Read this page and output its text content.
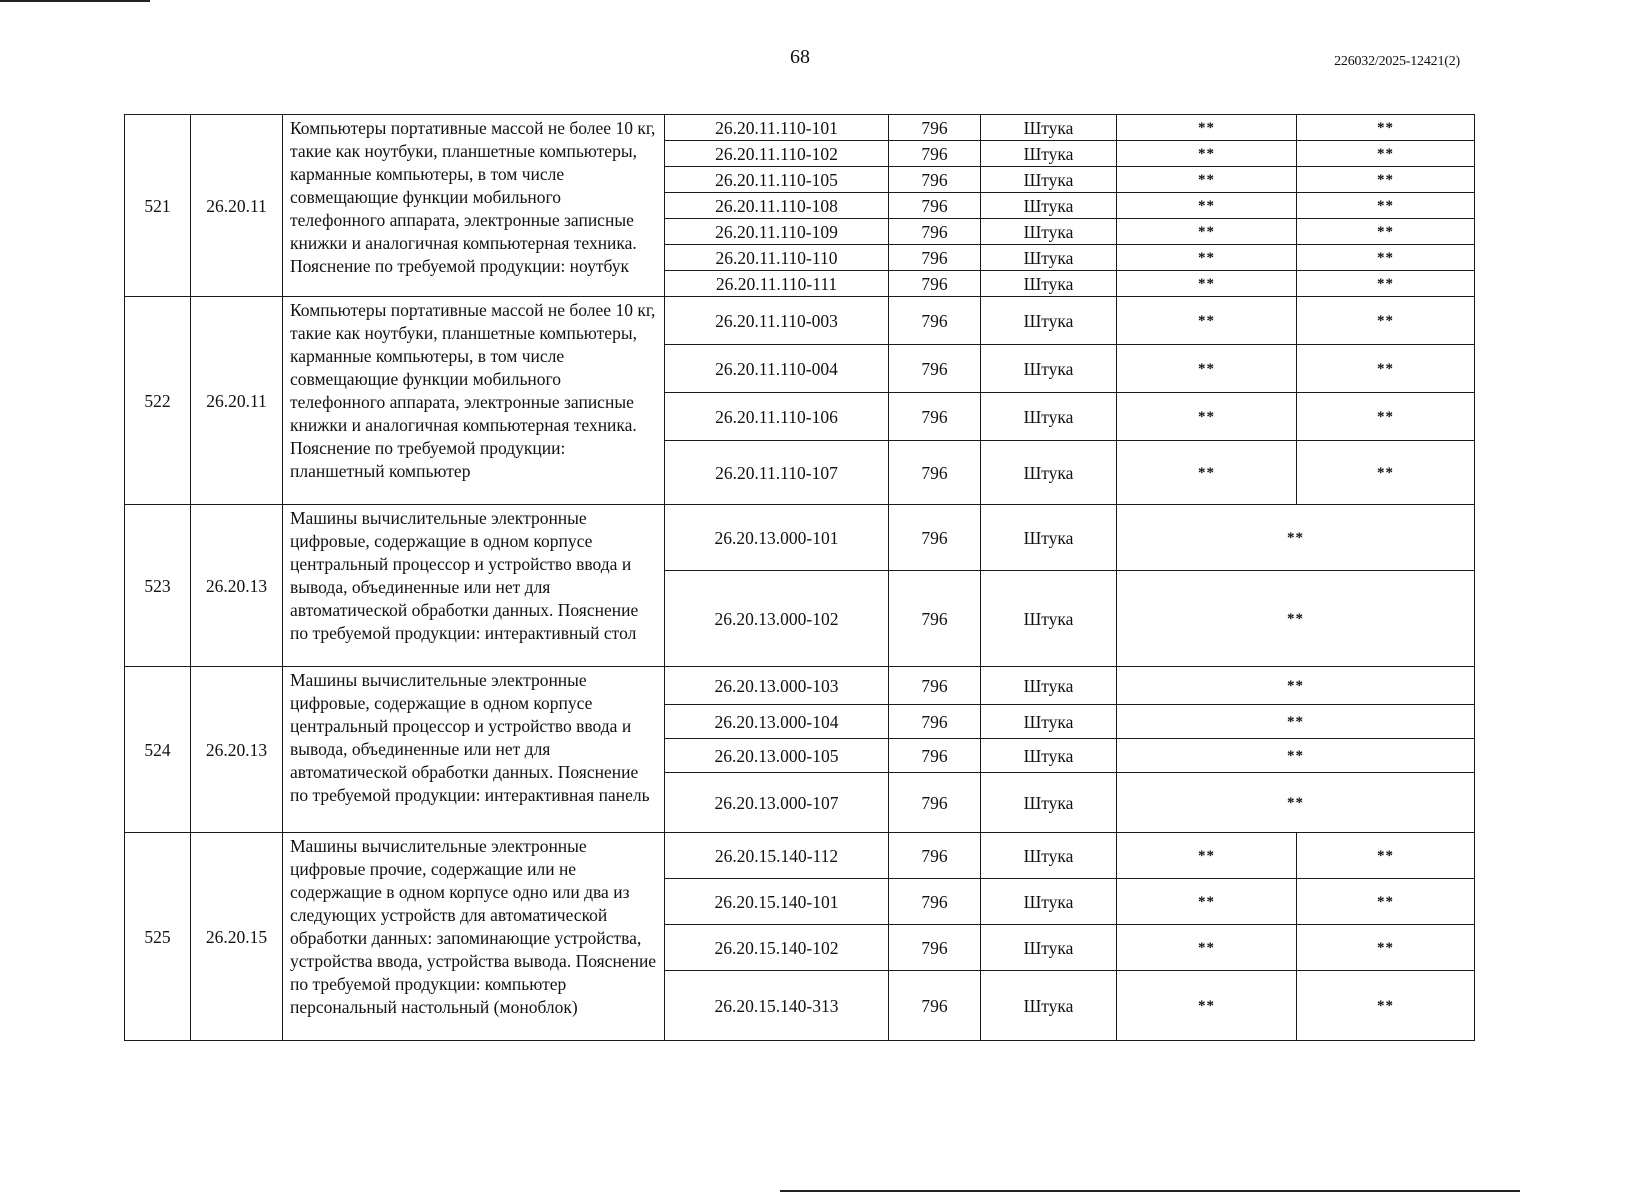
68	226032/2025-12421(2)
521	26.20.11	Компьютеры портативные массой не более 10 кг, такие как ноутбуки, планшетные компьютеры, карманные компьютеры, в том числе совмещающие функции мобильного телефонного аппарата, электронные записные книжки и аналогичная компьютерная техника. Пояснение по требуемой продукции: ноутбук	26.20.11.110-101	796	Штука	**	**
			26.20.11.110-102	796	Штука	**	**
			26.20.11.110-105	796	Штука	**	**
			26.20.11.110-108	796	Штука	**	**
			26.20.11.110-109	796	Штука	**	**
			26.20.11.110-110	796	Штука	**	**
			26.20.11.110-111	796	Штука	**	**
522	26.20.11	Компьютеры портативные массой не более 10 кг, такие как ноутбуки, планшетные компьютеры, карманные компьютеры, в том числе совмещающие функции мобильного телефонного аппарата, электронные записные книжки и аналогичная компьютерная техника. Пояснение по требуемой продукции: планшетный компьютер	26.20.11.110-003	796	Штука	**	**
			26.20.11.110-004	796	Штука	**	**
			26.20.11.110-106	796	Штука	**	**
			26.20.11.110-107	796	Штука	**	**
523	26.20.13	Машины вычислительные электронные цифровые, содержащие в одном корпусе центральный процессор и устройство ввода и вывода, объединенные или нет для автоматической обработки данных. Пояснение по требуемой продукции: интерактивный стол	26.20.13.000-101	796	Штука	**	
			26.20.13.000-102	796	Штука	**	
524	26.20.13	Машины вычислительные электронные цифровые, содержащие в одном корпусе центральный процессор и устройство ввода и вывода, объединенные или нет для автоматической обработки данных. Пояснение по требуемой продукции: интерактивная панель	26.20.13.000-103	796	Штука	**	
			26.20.13.000-104	796	Штука	**	
			26.20.13.000-105	796	Штука	**	
			26.20.13.000-107	796	Штука	**	
525	26.20.15	Машины вычислительные электронные цифровые прочие, содержащие или не содержащие в одном корпусе одно или два из следующих устройств для автоматической обработки данных: запоминающие устройства, устройства ввода, устройства вывода. Пояснение по требуемой продукции: компьютер персональный настольный (моноблок)	26.20.15.140-112	796	Штука	**	**
			26.20.15.140-101	796	Штука	**	**
			26.20.15.140-102	796	Штука	**	**
			26.20.15.140-313	796	Штука	**	**
